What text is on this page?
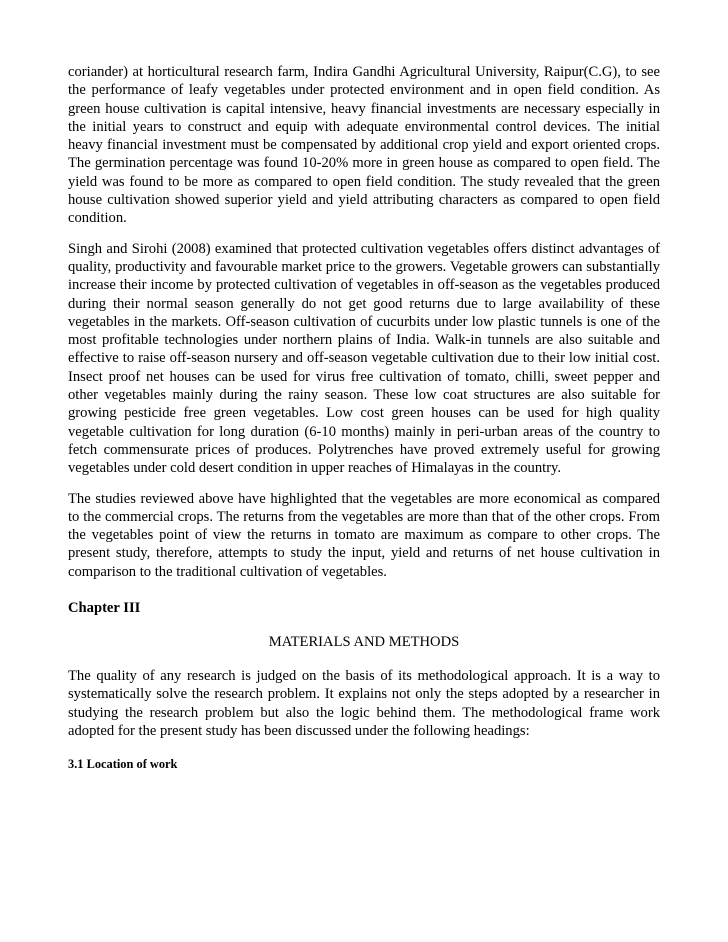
coriander) at horticultural research farm, Indira Gandhi Agricultural University, Raipur(C.G), to see the performance of leafy vegetables under protected environment and in open field condition. As green house cultivation is capital intensive, heavy financial investments are necessary especially in the initial years to construct and equip with adequate environmental control devices. The initial heavy financial investment must be compensated by additional crop yield and export oriented crops. The germination percentage was found 10-20% more in green house as compared to open field. The yield was found to be more as compared to open field condition. The study revealed that the green house cultivation showed superior yield and yield attributing characters as compared to open field condition.

Singh and Sirohi (2008) examined that protected cultivation vegetables offers distinct advantages of quality, productivity and favourable market price to the growers. Vegetable growers can substantially increase their income by protected cultivation of vegetables in off-season as the vegetables produced during their normal season generally do not get good returns due to large availability of these vegetables in the markets. Off-season cultivation of cucurbits under low plastic tunnels is one of the most profitable technologies under northern plains of India. Walk-in tunnels are also suitable and effective to raise off-season nursery and off-season vegetable cultivation due to their low initial cost. Insect proof net houses can be used for virus free cultivation of tomato, chilli, sweet pepper and other vegetables mainly during the rainy season. These low coat structures are also suitable for growing pesticide free green vegetables. Low cost green houses can be used for high quality vegetable cultivation for long duration (6-10 months) mainly in peri-urban areas of the country to fetch commensurate prices of produces. Polytrenches have proved extremely useful for growing vegetables under cold desert condition in upper reaches of Himalayas in the country.

The studies reviewed above have highlighted that the vegetables are more economical as compared to the commercial crops. The returns from the vegetables are more than that of the other crops. From the vegetables point of view the returns in tomato are maximum as compare to other crops. The present study, therefore, attempts to study the input, yield and returns of net house cultivation in comparison to the traditional cultivation of vegetables.

Chapter III

MATERIALS AND METHODS

The quality of any research is judged on the basis of its methodological approach. It is a way to systematically solve the research problem. It explains not only the steps adopted by a researcher in studying the research problem but also the logic behind them. The methodological frame work adopted for the present study has been discussed under the following headings:

3.1 Location of work
